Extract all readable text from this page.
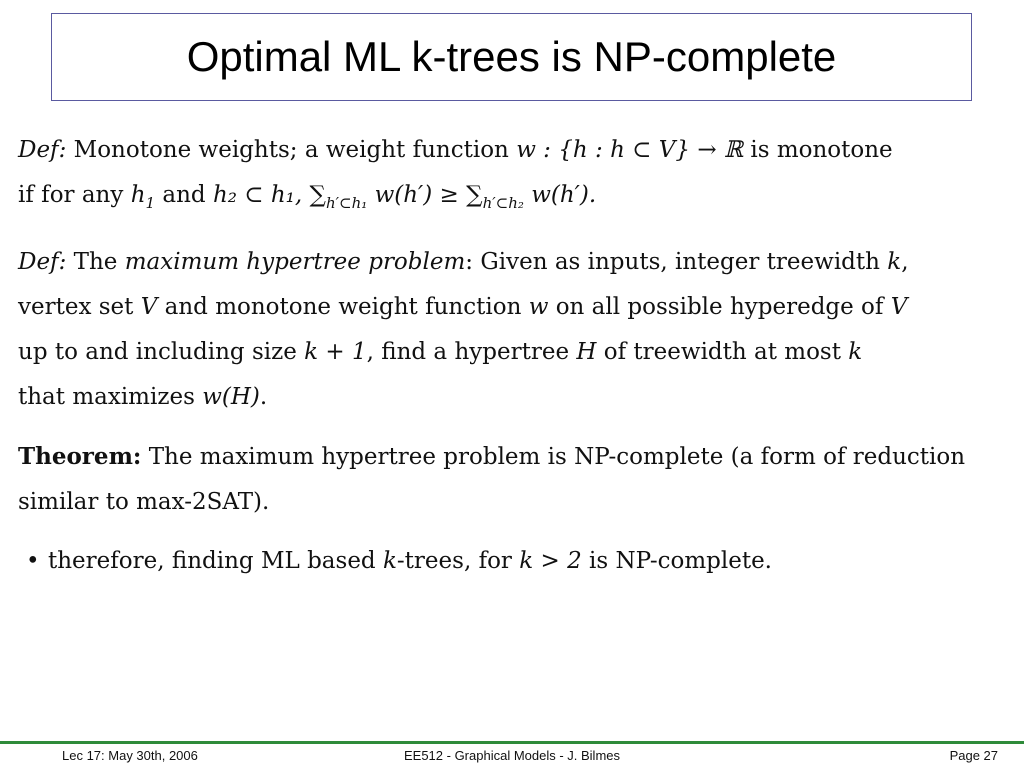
Optimal ML k-trees is NP-complete

Def: Monotone weights; a weight function w : {h : h ⊂ V} → ℝ is monotone
if for any $h_1$ and h₂ ⊂ h₁, $\sum_{h'\subset h_1}$ $w(h') \ge \sum_{h'\subset h_2}$ w(h′).

Def: The maximum hypertree problem: Given as inputs, integer treewidth k,
vertex set V and monotone weight function w on all possible hyperedge of V
up to and including size k + 1, find a hypertree H of treewidth at most k
that maximizes w(H).

Theorem: The maximum hypertree problem is NP-complete (a form of reduction similar to max-2SAT).

• therefore, finding ML based k-trees, for k > 2 is NP-complete.

Lec 17: May 30th, 2006	EE512 - Graphical Models - J. Bilmes	Page 27
